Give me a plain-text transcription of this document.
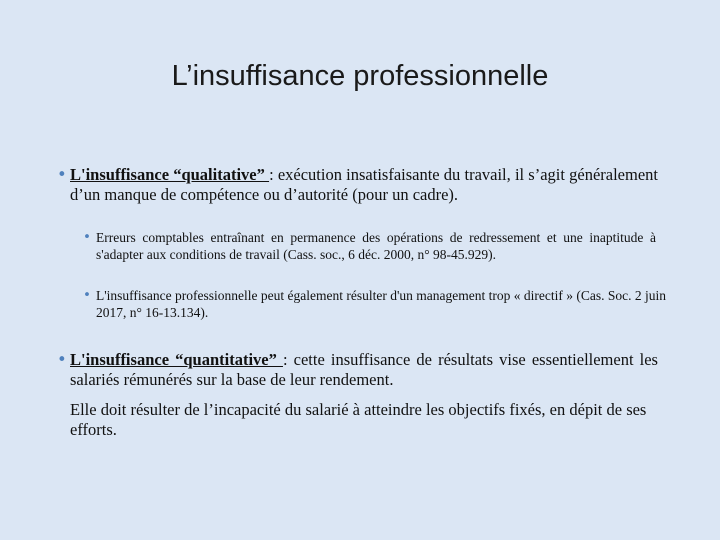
L’insuffisance professionnelle
• L'insuffisance “qualitative” : exécution insatisfaisante du travail, il s’agit généralement d’un manque de compétence ou d’autorité (pour un cadre).
• Erreurs comptables entraînant en permanence des opérations de redressement et une inaptitude à s'adapter aux conditions de travail (Cass. soc., 6 déc. 2000, n° 98-45.929).
• L'insuffisance professionnelle peut également résulter d'un management trop « directif » (Cas. Soc. 2 juin 2017, n° 16-13.134).
• L'insuffisance “quantitative” : cette insuffisance de résultats vise essentiellement les salariés rémunérés sur la base de leur rendement.
Elle doit résulter de l’incapacité du salarié à atteindre les objectifs fixés, en dépit de ses efforts.
